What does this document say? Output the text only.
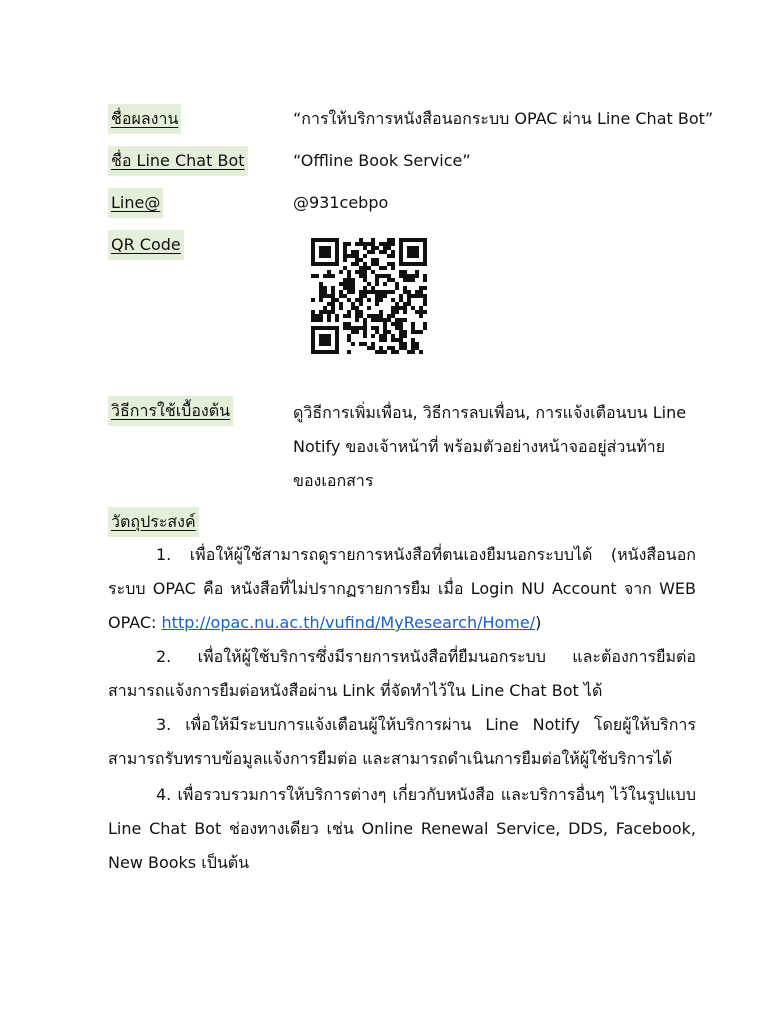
ชื่อผลงาน	“การให้บริการหนังสือนอกระบบ OPAC ผ่าน Line Chat Bot”
ชื่อ Line Chat Bot	“Offline Book Service”
Line@	@931cebpo
QR Code
วิธีการใช้เบื้องต้น	ดูวิธีการเพิ่มเพื่อน, วิธีการลบเพื่อน, การแจ้งเตือนบน Line
Notify ของเจ้าหน้าที่ พร้อมตัวอย่างหน้าจออยู่ส่วนท้าย
ของเอกสาร
วัตถุประสงค์
1. เพื่อให้ผู้ใช้สามารถดูรายการหนังสือที่ตนเองยืมนอกระบบได้ (หนังสือนอกระบบ OPAC คือ หนังสือที่ไม่ปรากฏรายการยืม เมื่อ Login NU Account จาก WEB OPAC: http://opac.nu.ac.th/vufind/MyResearch/Home/)
2. เพื่อให้ผู้ใช้บริการซึ่งมีรายการหนังสือที่ยืมนอกระบบ และต้องการยืมต่อสามารถแจ้งการยืมต่อหนังสือผ่าน Link ที่จัดทำไว้ใน Line Chat Bot ได้
3. เพื่อให้มีระบบการแจ้งเตือนผู้ให้บริการผ่าน Line Notify โดยผู้ให้บริการสามารถรับทราบข้อมูลแจ้งการยืมต่อ และสามารถดำเนินการยืมต่อให้ผู้ใช้บริการได้
4. เพื่อรวบรวมการให้บริการต่างๆ เกี่ยวกับหนังสือ และบริการอื่นๆ ไว้ในรูปแบบ Line Chat Bot ช่องทางเดียว เช่น Online Renewal Service, DDS, Facebook, New Books เป็นต้น
